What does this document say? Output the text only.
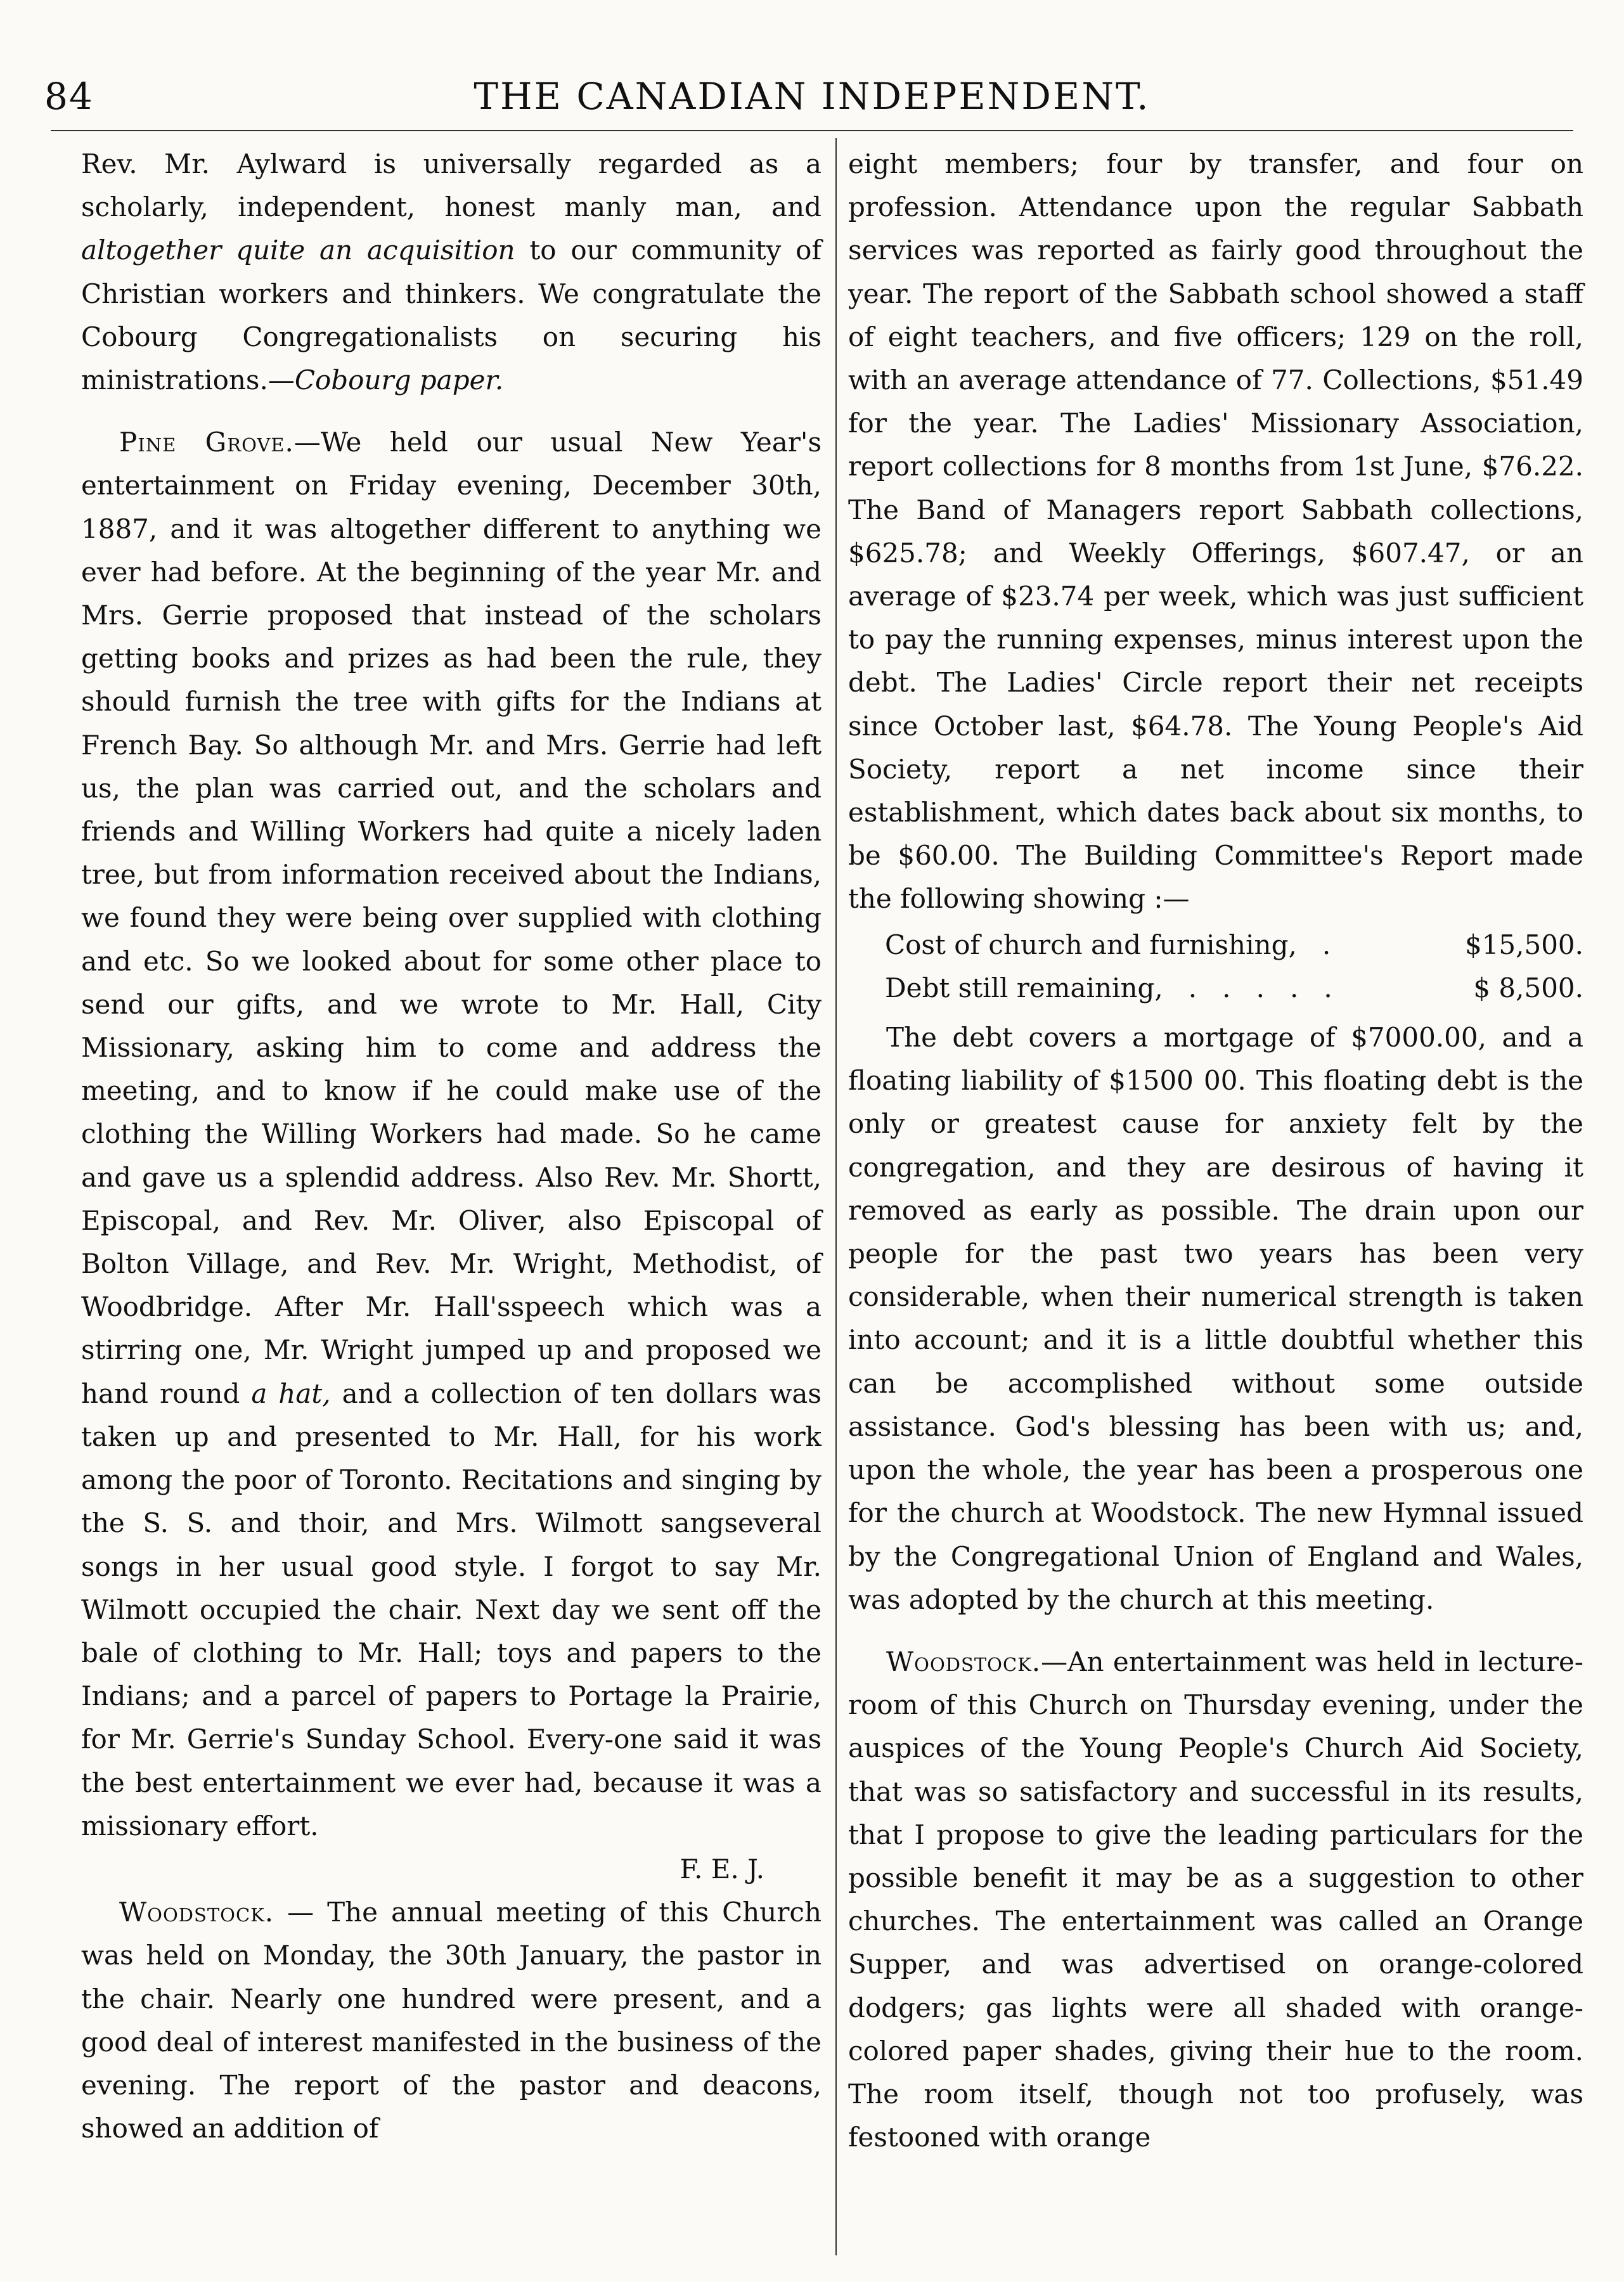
84	THE CANADIAN INDEPENDENT.

Rev. Mr. Aylward is universally regarded as a scholarly, independent, honest manly man, and altogether quite an acquisition to our community of Christian workers and thinkers. We congratulate the Cobourg Congregationalists on securing his ministrations.—Cobourg paper.

Pine Grove.—We held our usual New Year's entertainment on Friday evening, December 30th, 1887, and it was altogether different to anything we ever had before. At the beginning of the year Mr. and Mrs. Gerrie proposed that instead of the scholars getting books and prizes as had been the rule, they should furnish the tree with gifts for the Indians at French Bay. So although Mr. and Mrs. Gerrie had left us, the plan was carried out, and the scholars and friends and Willing Workers had quite a nicely laden tree, but from information received about the Indians, we found they were being over supplied with clothing and etc. So we looked about for some other place to send our gifts, and we wrote to Mr. Hall, City Missionary, asking him to come and address the meeting, and to know if he could make use of the clothing the Willing Workers had made. So he came and gave us a splendid address. Also Rev. Mr. Shortt, Episcopal, and Rev. Mr. Oliver, also Episcopal of Bolton Village, and Rev. Mr. Wright, Methodist, of Woodbridge. After Mr. Hall'sspeech which was a stirring one, Mr. Wright jumped up and proposed we hand round a hat, and a collection of ten dollars was taken up and presented to Mr. Hall, for his work among the poor of Toronto. Recitations and singing by the S. S. and thoir, and Mrs. Wilmott sangseveral songs in her usual good style. I forgot to say Mr. Wilmott occupied the chair. Next day we sent off the bale of clothing to Mr. Hall; toys and papers to the Indians; and a parcel of papers to Portage la Prairie, for Mr. Gerrie's Sunday School. Every-one said it was the best entertainment we ever had, because it was a missionary effort.

F. E. J.

Woodstock. — The annual meeting of this Church was held on Monday, the 30th January, the pastor in the chair. Nearly one hundred were present, and a good deal of interest manifested in the business of the evening. The report of the pastor and deacons, showed an addition of

eight members; four by transfer, and four on profession. Attendance upon the regular Sabbath services was reported as fairly good throughout the year. The report of the Sabbath school showed a staff of eight teachers, and five officers; 129 on the roll, with an average attendance of 77. Collections, $51.49 for the year. The Ladies' Missionary Association, report collections for 8 months from 1st June, $76.22. The Band of Managers report Sabbath collections, $625.78; and Weekly Offerings, $607.47, or an average of $23.74 per week, which was just sufficient to pay the running expenses, minus interest upon the debt. The Ladies' Circle report their net receipts since October last, $64.78. The Young People's Aid Society, report a net income since their establishment, which dates back about six months, to be $60.00. The Building Committee's Report made the following showing :—

Cost of church and furnishing,   .	$15,500.
Debt still remaining,   .   .   .   .   .	$ 8,500.

The debt covers a mortgage of $7000.00, and a floating liability of $1500 00. This floating debt is the only or greatest cause for anxiety felt by the congregation, and they are desirous of having it removed as early as possible. The drain upon our people for the past two years has been very considerable, when their numerical strength is taken into account; and it is a little doubtful whether this can be accomplished without some outside assistance. God's blessing has been with us; and, upon the whole, the year has been a prosperous one for the church at Woodstock. The new Hymnal issued by the Congregational Union of England and Wales, was adopted by the church at this meeting.

Woodstock.—An entertainment was held in lecture-room of this Church on Thursday evening, under the auspices of the Young People's Church Aid Society, that was so satisfactory and successful in its results, that I propose to give the leading particulars for the possible benefit it may be as a suggestion to other churches. The entertainment was called an Orange Supper, and was advertised on orange-colored dodgers; gas lights were all shaded with orange-colored paper shades, giving their hue to the room. The room itself, though not too profusely, was festooned with orange
